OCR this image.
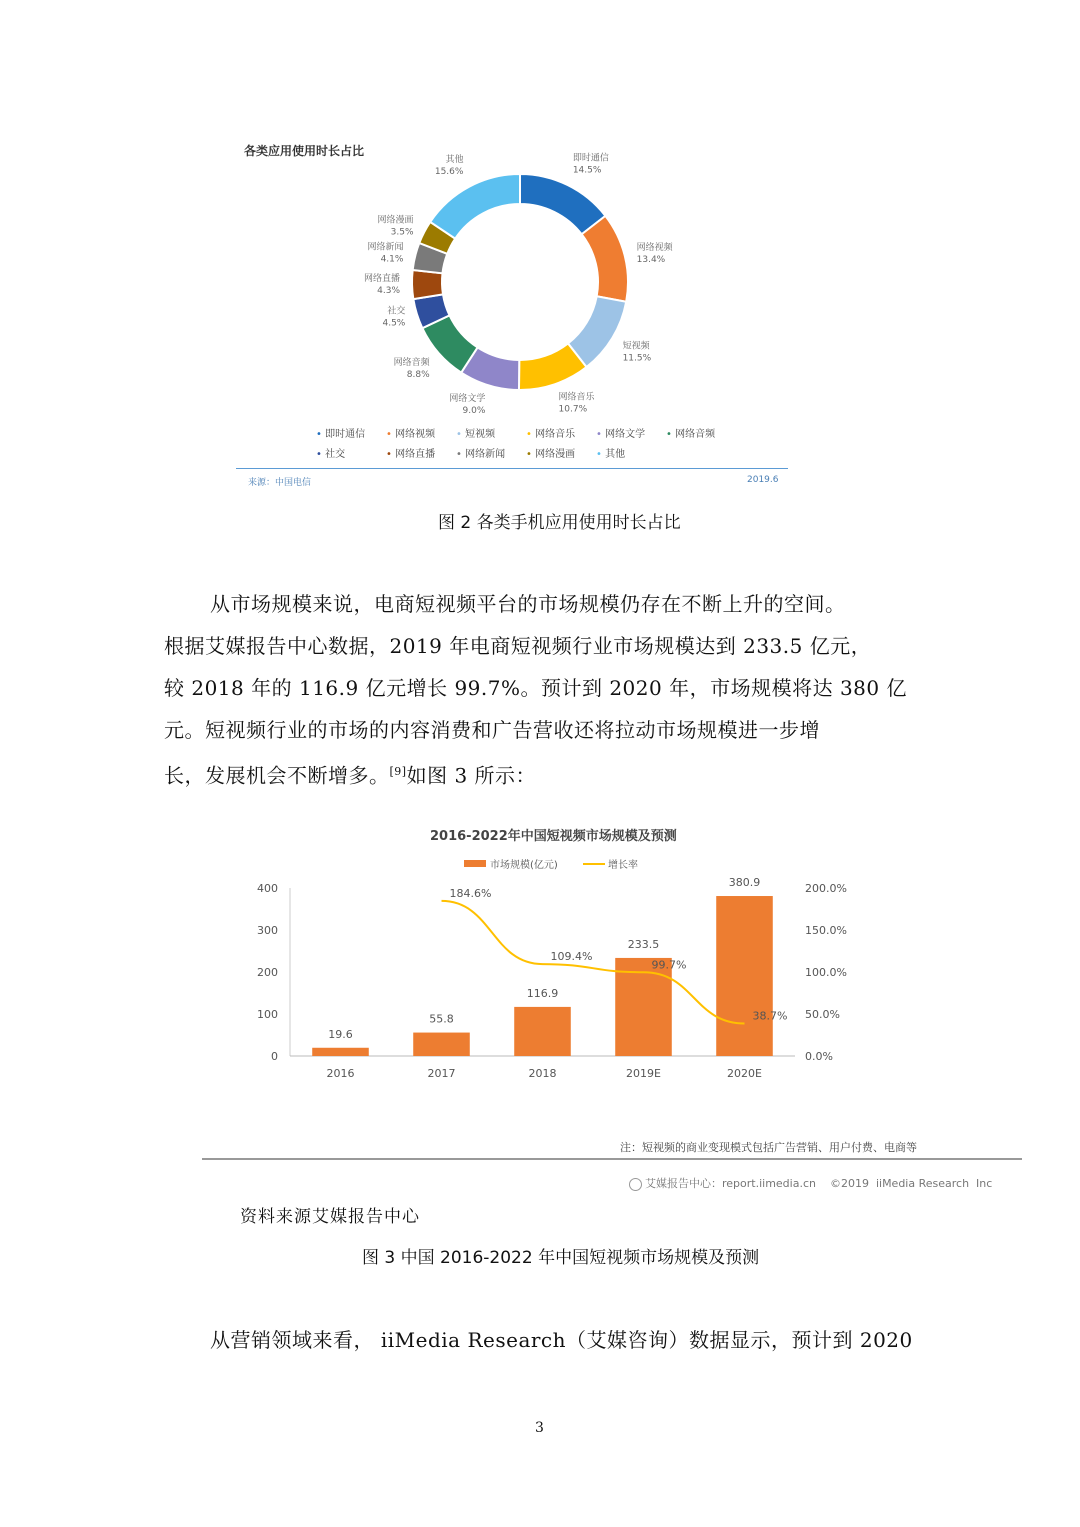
各类应用使用时长占比
即时通信
14.5%
网络视频
13.4%
短视频
11.5%
网络音乐
10.7%
网络文学
9.0%
网络音频
8.8%
社交
4.5%
网络直播
4.3%
网络新闻
4.1%
网络漫画
3.5%
其他
15.6%
• 即时通信 • 网络视频 • 短视频	• 网络音乐 • 网络文学 • 网络音频
• 社交	• 网络直播 • 网络新闻 • 网络漫画 • 其他
来源：中国电信	2019.6
图 2 各类手机应用使用时长占比
从市场规模来说，电商短视频平台的市场规模仍存在不断上升的空间。
根据艾媒报告中心数据，2019 年电商短视频行业市场规模达到 233.5 亿元，
较 2018 年的 116.9 亿元增长 99.7%。预计到 2020 年，市场规模将达 380 亿
元。短视频行业的市场的内容消费和广告营收还将拉动市场规模进一步增
长，发展机会不断增多。[9]如图 3 所示：
2016-2022年中国短视频市场规模及预测
市场规模(亿元)	增长率
0
100
200
300
400
0.0%
50.0%
100.0%
150.0%
200.0%
19.6
55.8
116.9
233.5
380.9
2016	2017	2018	2019E	2020E
184.6%
109.4%
99.7%
38.7%
注：短视频的商业变现模式包括广告营销、用户付费、电商等

艾媒报告中心：report.iimedia.cn    ©2019  iiMedia Research  Inc

资料来源艾媒报告中心
图 3 中国 2016-2022 年中国短视频市场规模及预测
从营销领域来看， iiMedia Research（艾媒咨询）数据显示，预计到 2020
3
